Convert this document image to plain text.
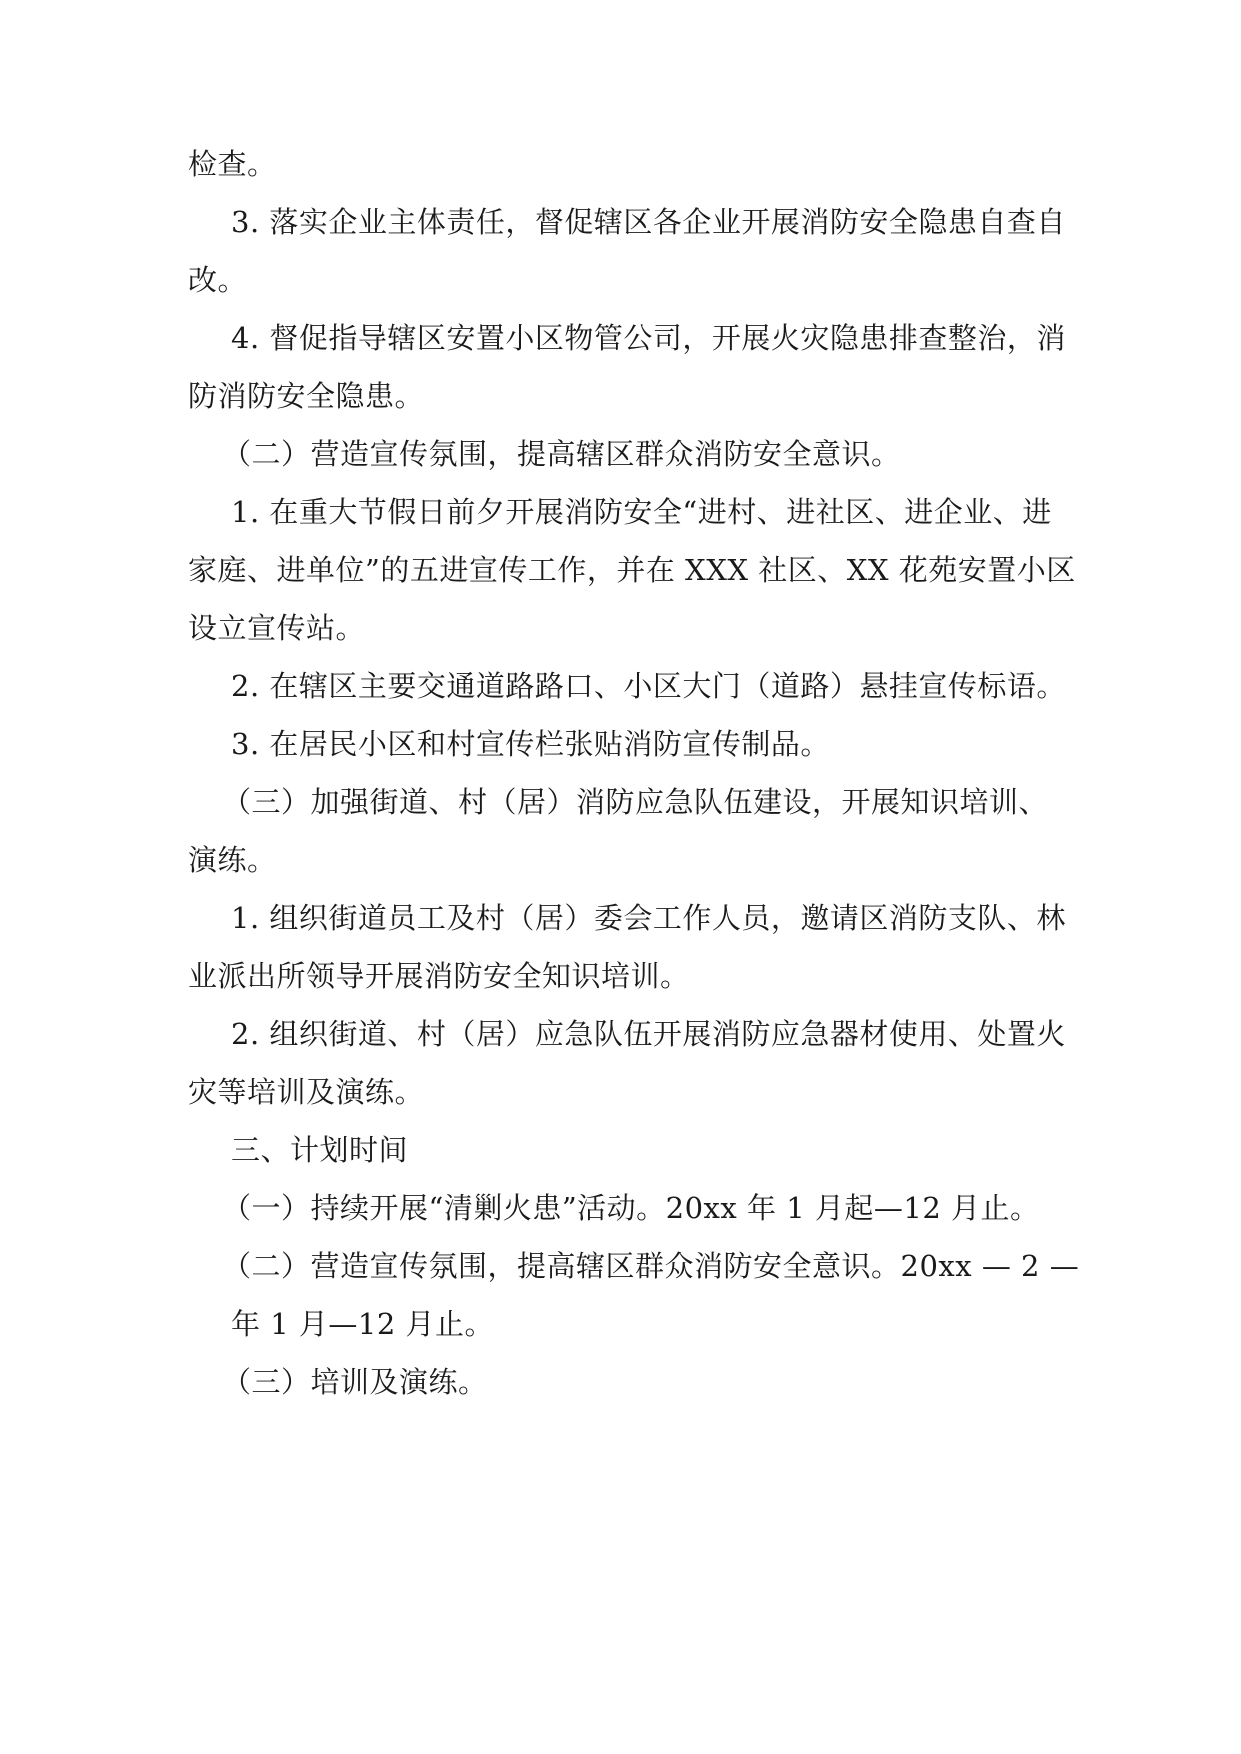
检查。
3. 落实企业主体责任，督促辖区各企业开展消防安全隐患自查自
改。
4. 督促指导辖区安置小区物管公司，开展火灾隐患排查整治，消
防消防安全隐患。
（二）营造宣传氛围，提高辖区群众消防安全意识。
1. 在重大节假日前夕开展消防安全“进村、进社区、进企业、进
家庭、进单位”的五进宣传工作，并在 XXX 社区、XX 花苑安置小区
设立宣传站。
2. 在辖区主要交通道路路口、小区大门（道路）悬挂宣传标语。
3. 在居民小区和村宣传栏张贴消防宣传制品。
（三）加强街道、村（居）消防应急队伍建设，开展知识培训、
演练。
1. 组织街道员工及村（居）委会工作人员，邀请区消防支队、林
业派出所领导开展消防安全知识培训。
2. 组织街道、村（居）应急队伍开展消防应急器材使用、处置火
灾等培训及演练。
三、计划时间
（一）持续开展“清剿火患”活动。20xx 年 1 月起—12 月止。
（二）营造宣传氛围，提高辖区群众消防安全意识。20xx — 2 —
年 1 月—12 月止。
（三）培训及演练。
